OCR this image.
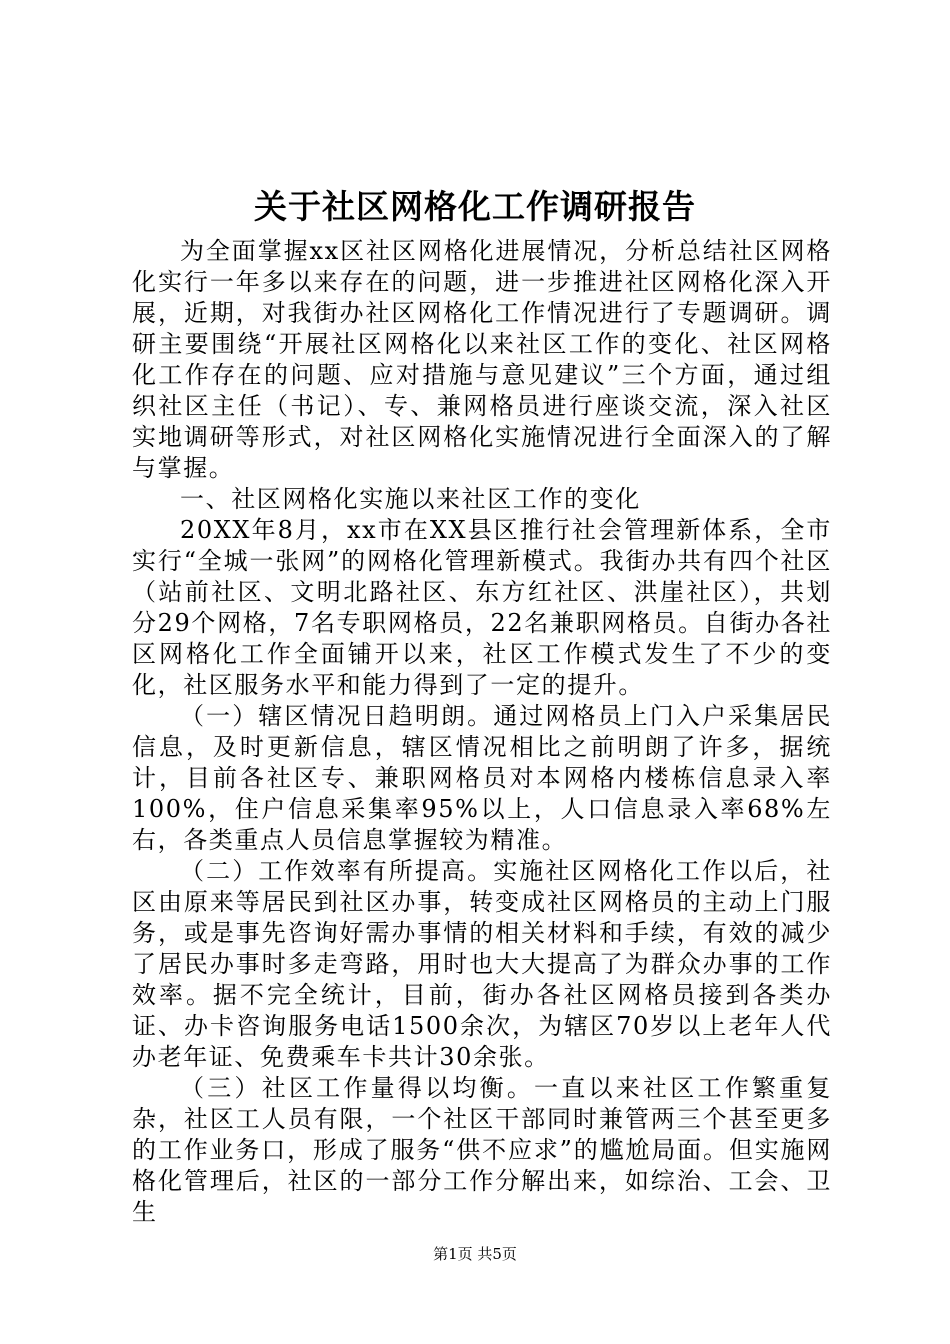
关于社区网格化工作调研报告

为全面掌握xx区社区网格化进展情况，分析总结社区网格化实行一年多以来存在的问题，进一步推进社区网格化深入开展，近期，对我街办社区网格化工作情况进行了专题调研。调研主要围绕“开展社区网格化以来社区工作的变化、社区网格化工作存在的问题、应对措施与意见建议”三个方面，通过组织社区主任（书记）、专、兼网格员进行座谈交流，深入社区实地调研等形式，对社区网格化实施情况进行全面深入的了解与掌握。

一、社区网格化实施以来社区工作的变化

20XX年8月，xx市在XX县区推行社会管理新体系，全市实行“全城一张网”的网格化管理新模式。我街办共有四个社区（站前社区、文明北路社区、东方红社区、洪崖社区），共划分29个网格，7名专职网格员，22名兼职网格员。自街办各社区网格化工作全面铺开以来，社区工作模式发生了不少的变化，社区服务水平和能力得到了一定的提升。

（一）辖区情况日趋明朗。通过网格员上门入户采集居民信息，及时更新信息，辖区情况相比之前明朗了许多，据统计，目前各社区专、兼职网格员对本网格内楼栋信息录入率100%，住户信息采集率95%以上，人口信息录入率68%左右，各类重点人员信息掌握较为精准。

（二）工作效率有所提高。实施社区网格化工作以后，社区由原来等居民到社区办事，转变成社区网格员的主动上门服务，或是事先咨询好需办事情的相关材料和手续，有效的减少了居民办事时多走弯路，用时也大大提高了为群众办事的工作效率。据不完全统计，目前，街办各社区网格员接到各类办证、办卡咨询服务电话1500余次，为辖区70岁以上老年人代办老年证、免费乘车卡共计30余张。

（三）社区工作量得以均衡。一直以来社区工作繁重复杂，社区工人员有限，一个社区干部同时兼管两三个甚至更多的工作业务口，形成了服务“供不应求”的尴尬局面。但实施网格化管理后，社区的一部分工作分解出来，如综治、工会、卫生

第1页 共5页
